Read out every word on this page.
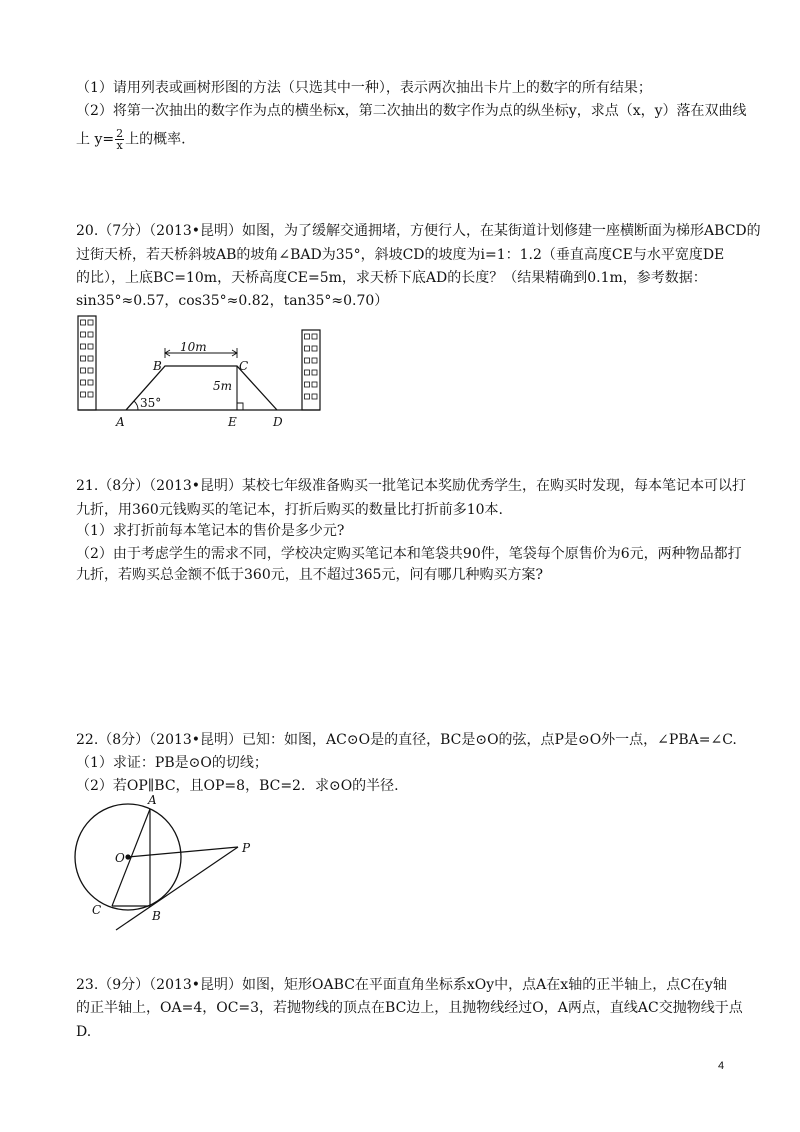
（1）请用列表或画树形图的方法（只选其中一种），表示两次抽出卡片上的数字的所有结果；
（2）将第一次抽出的数字作为点的横坐标x，第二次抽出的数字作为点的纵坐标y，求点（x，y）落在双曲线
上 $y= \frac{2}{x}$ 上的概率.
20.（7分）（2013•昆明）如图，为了缓解交通拥堵，方便行人，在某街道计划修建一座横断面为梯形ABCD的
过街天桥，若天桥斜坡AB的坡角∠BAD为35°，斜坡CD的坡度为i=1：1.2（垂直高度CE与水平宽度DE
的比），上底BC=10m，天桥高度CE=5m，求天桥下底AD的长度？（结果精确到0.1m，参考数据：
sin35°≈0.57，cos35°≈0.82，tan35°≈0.70）
10m
5m
35°
B	C
A	E	D
21.（8分）（2013•昆明）某校七年级准备购买一批笔记本奖励优秀学生，在购买时发现，每本笔记本可以打
九折，用360元钱购买的笔记本，打折后购买的数量比打折前多10本.
（1）求打折前每本笔记本的售价是多少元?
（2）由于考虑学生的需求不同，学校决定购买笔记本和笔袋共90件，笔袋每个原售价为6元，两种物品都打
九折，若购买总金额不低于360元，且不超过365元，问有哪几种购买方案?
22.（8分）（2013•昆明）已知：如图，AC⊙O是的直径，BC是⊙O的弦，点P是⊙O外一点，∠PBA=∠C.
（1）求证：PB是⊙O的切线；
（2）若OP∥BC，且OP=8，BC=2．求⊙O的半径.
A
O
P
C	B
23.（9分）（2013•昆明）如图，矩形OABC在平面直角坐标系xOy中，点A在x轴的正半轴上，点C在y轴
的正半轴上，OA=4，OC=3，若抛物线的顶点在BC边上，且抛物线经过O，A两点，直线AC交抛物线于点
D.
4
